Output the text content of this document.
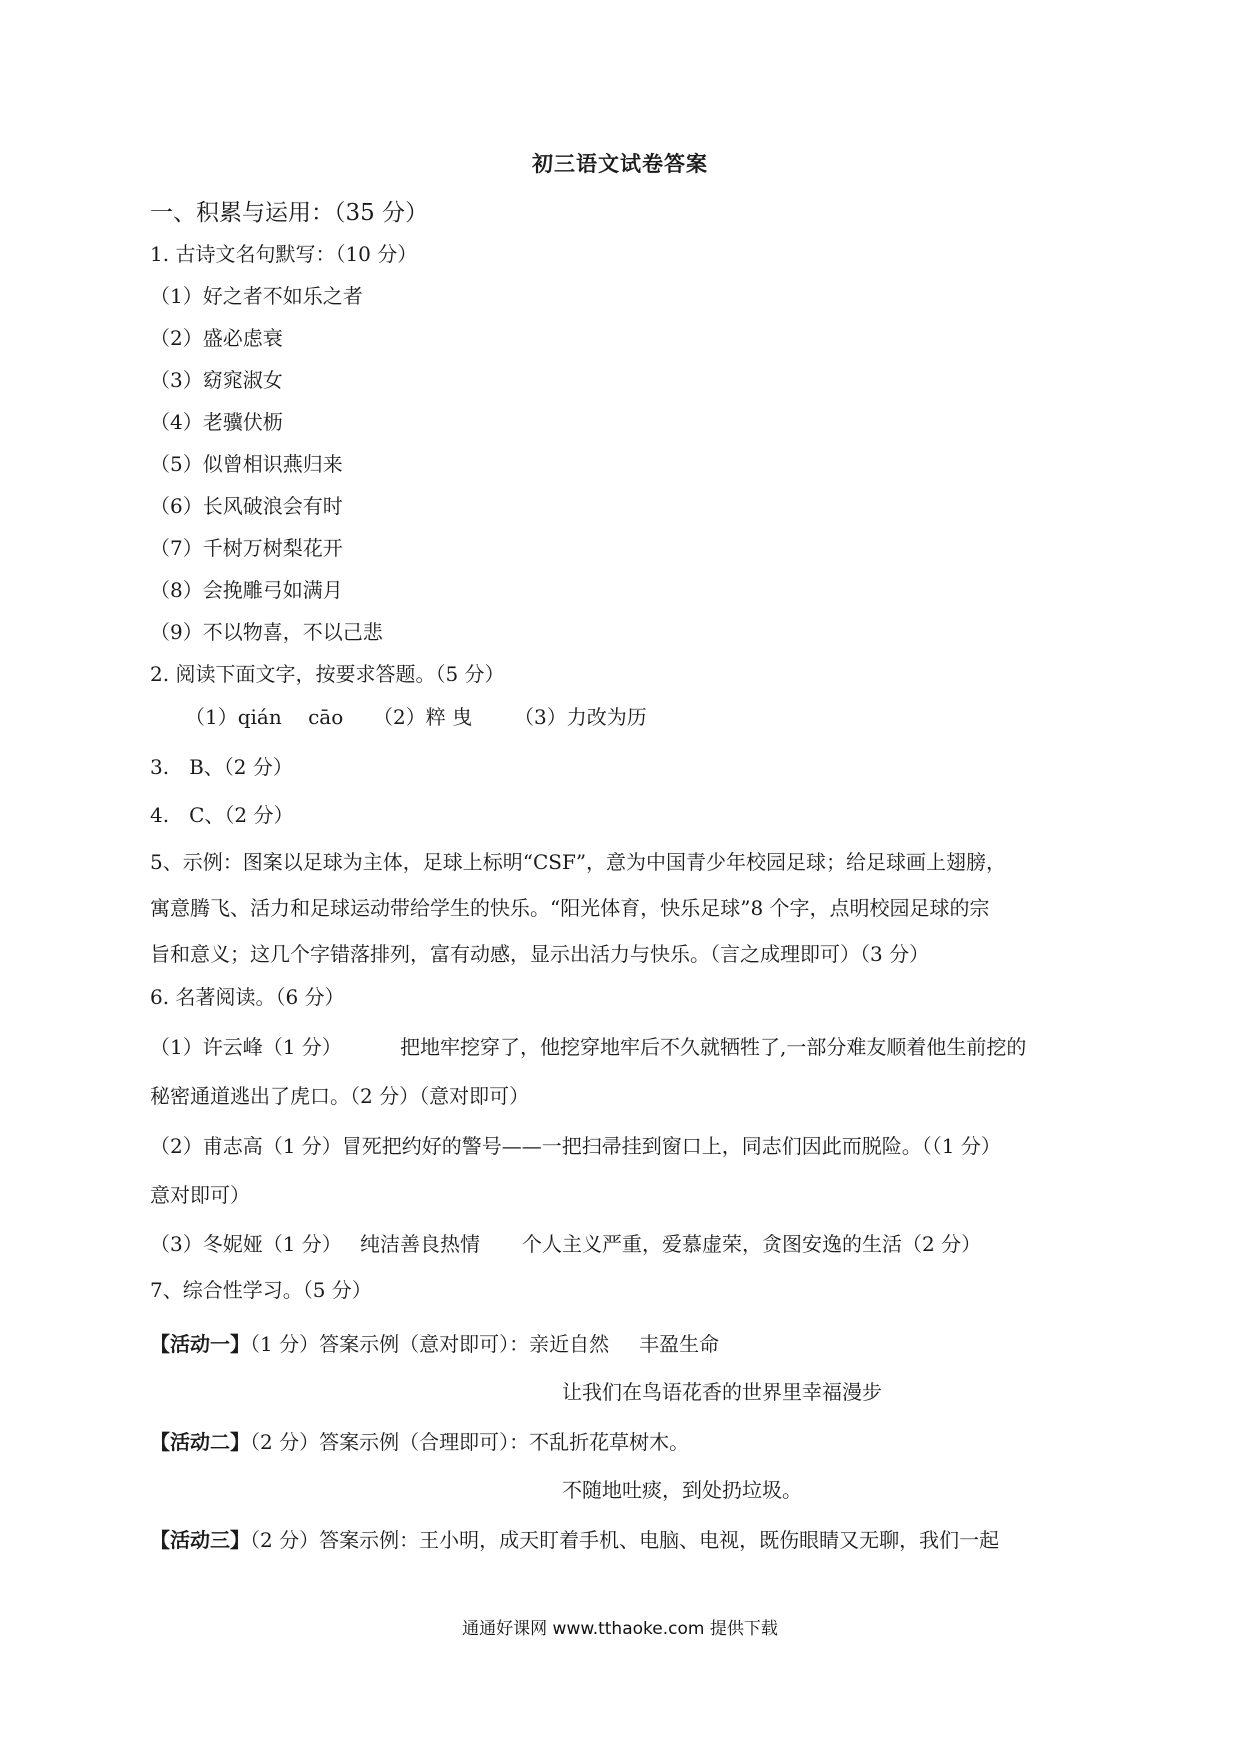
初三语文试卷答案
一、积累与运用：（35 分）
1. 古诗文名句默写：（10 分）
（1）好之者不如乐之者
（2）盛必虑衰
（3）窈窕淑女
（4）老骥伏枥
（5）似曾相识燕归来
（6）长风破浪会有时
（7）千树万树梨花开
（8）会挽雕弓如满月
（9）不以物喜，不以己悲
2. 阅读下面文字，按要求答题。（5 分）
（1）qián　 cāo （2）粹 曳 （3）力改为历
3.　B、（2 分）
4.　C、（2 分）
5、示例：图案以足球为主体，足球上标明“CSF”，意为中国青少年校园足球；给足球画上翅膀，
寓意腾飞、活力和足球运动带给学生的快乐。“阳光体育，快乐足球”8 个字，点明校园足球的宗
旨和意义；这几个字错落排列，富有动感，显示出活力与快乐。（言之成理即可）（3 分）
6. 名著阅读。（6 分）
（1）许云峰（1 分）	把地牢挖穿了，他挖穿地牢后不久就牺牲了,一部分难友顺着他生前挖的
秘密通道逃出了虎口。（2 分）（意对即可）
（2）甫志高（1 分）冒死把约好的警号——一把扫帚挂到窗口上，同志们因此而脱险。（（1 分）
意对即可）
（3）冬妮娅（1 分） 纯洁善良热情 个人主义严重，爱慕虚荣，贪图安逸的生活（2 分）
7、综合性学习。（5 分）
【活动一】（1 分）答案示例（意对即可）：亲近自然 丰盈生命
让我们在鸟语花香的世界里幸福漫步
【活动二】（2 分）答案示例（合理即可）：不乱折花草树木。
不随地吐痰，到处扔垃圾。
【活动三】（2 分）答案示例：王小明，成天盯着手机、电脑、电视，既伤眼睛又无聊，我们一起
通通好课网 www.tthaoke.com 提供下载
